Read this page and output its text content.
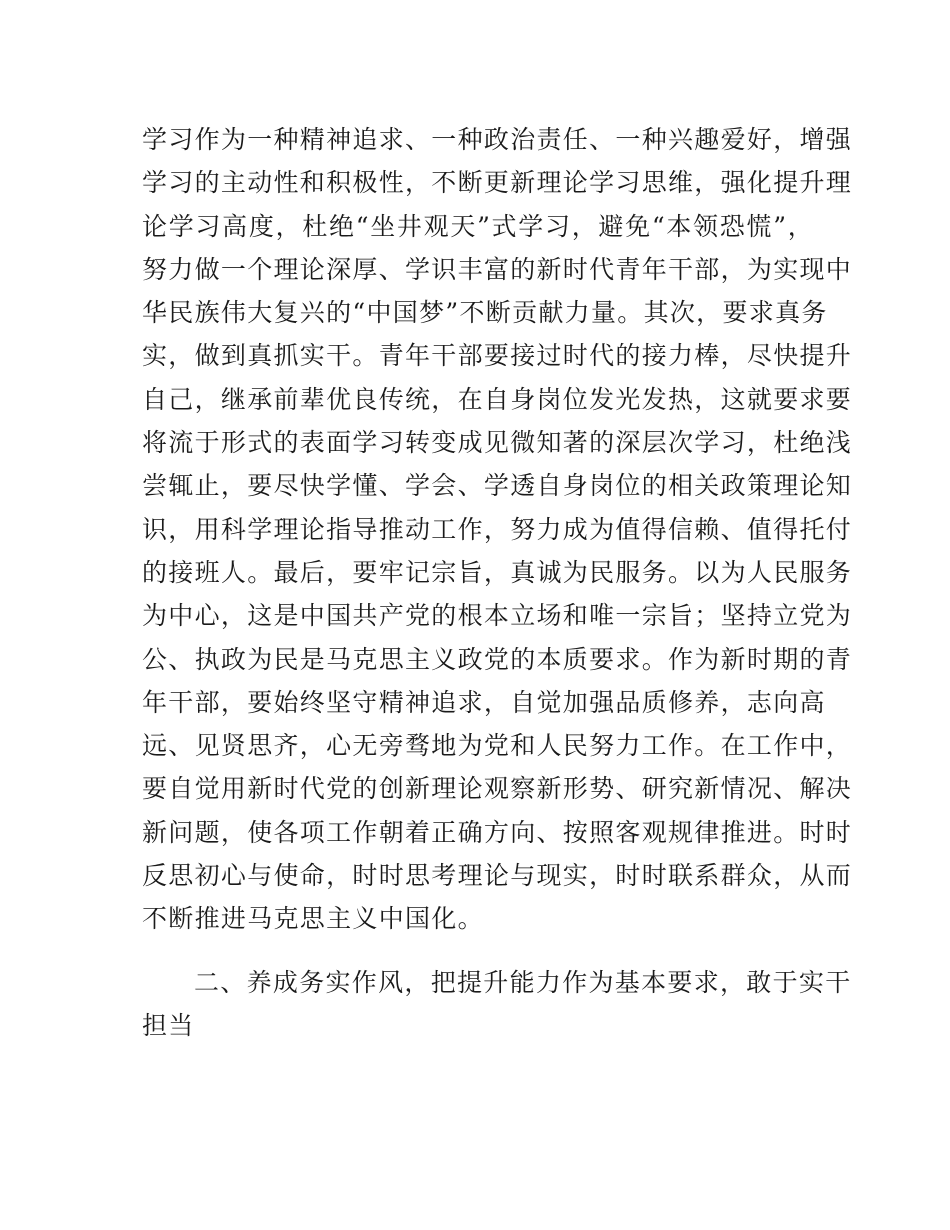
学习作为一种精神追求、一种政治责任、一种兴趣爱好，增强
学习的主动性和积极性，不断更新理论学习思维，强化提升理
论学习高度，杜绝“坐井观天”式学习，避免“本领恐慌”，
努力做一个理论深厚、学识丰富的新时代青年干部，为实现中
华民族伟大复兴的“中国梦”不断贡献力量。其次，要求真务
实，做到真抓实干。青年干部要接过时代的接力棒，尽快提升
自己，继承前辈优良传统，在自身岗位发光发热，这就要求要
将流于形式的表面学习转变成见微知著的深层次学习，杜绝浅
尝辄止，要尽快学懂、学会、学透自身岗位的相关政策理论知
识，用科学理论指导推动工作，努力成为值得信赖、值得托付
的接班人。最后，要牢记宗旨，真诚为民服务。以为人民服务
为中心，这是中国共产党的根本立场和唯一宗旨；坚持立党为
公、执政为民是马克思主义政党的本质要求。作为新时期的青
年干部，要始终坚守精神追求，自觉加强品质修养，志向高
远、见贤思齐，心无旁骛地为党和人民努力工作。在工作中，
要自觉用新时代党的创新理论观察新形势、研究新情况、解决
新问题，使各项工作朝着正确方向、按照客观规律推进。时时
反思初心与使命，时时思考理论与现实，时时联系群众，从而
不断推进马克思主义中国化。
二、养成务实作风，把提升能力作为基本要求，敢于实干
担当
